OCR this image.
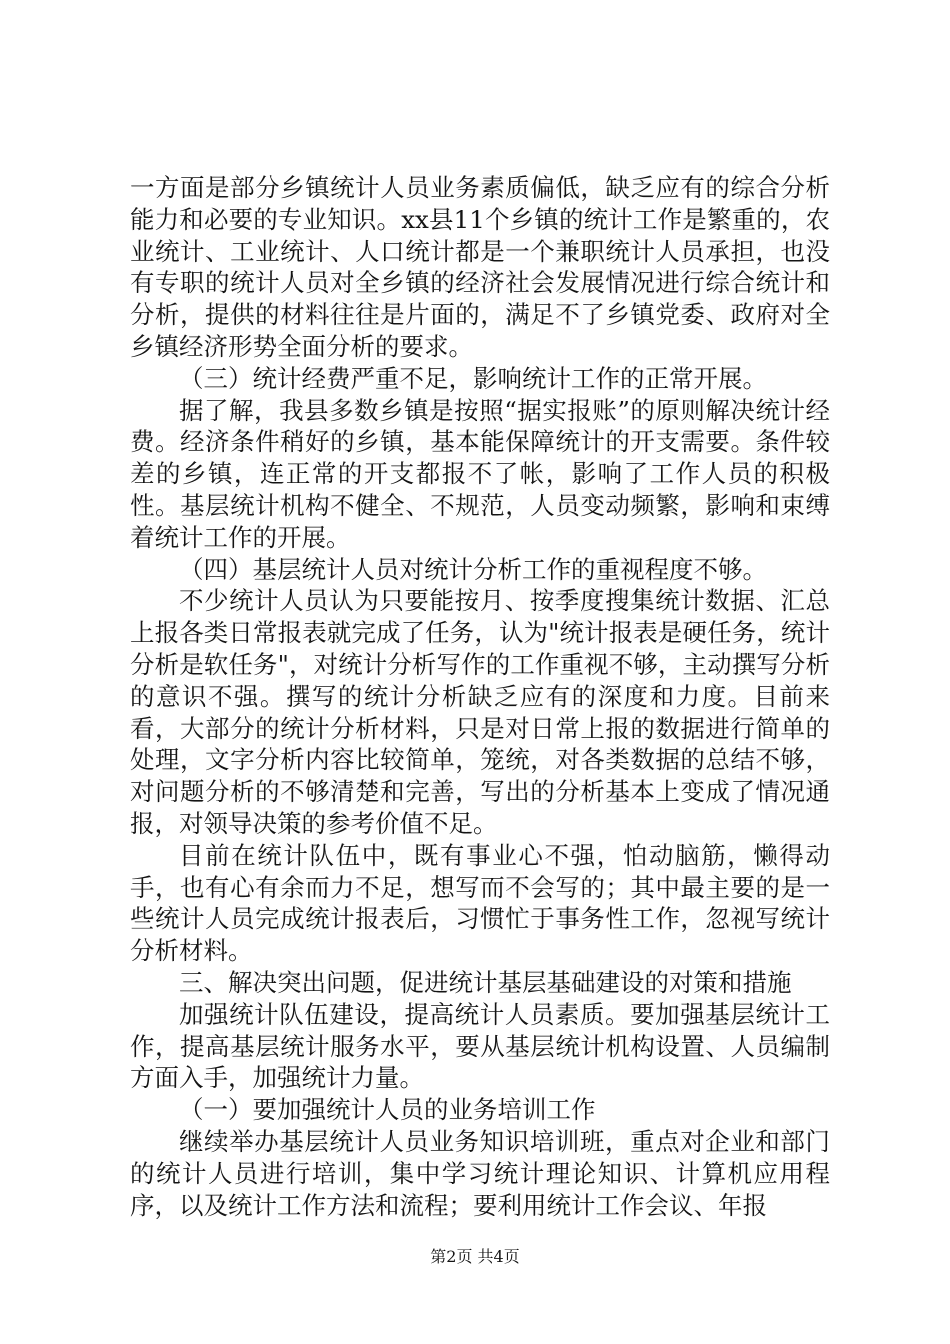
一方面是部分乡镇统计人员业务素质偏低，缺乏应有的综合分析能力和必要的专业知识。xx县11个乡镇的统计工作是繁重的，农业统计、工业统计、人口统计都是一个兼职统计人员承担，也没有专职的统计人员对全乡镇的经济社会发展情况进行综合统计和分析，提供的材料往往是片面的，满足不了乡镇党委、政府对全乡镇经济形势全面分析的要求。

（三）统计经费严重不足，影响统计工作的正常开展。

据了解，我县多数乡镇是按照“据实报账”的原则解决统计经费。经济条件稍好的乡镇，基本能保障统计的开支需要。条件较差的乡镇，连正常的开支都报不了帐，影响了工作人员的积极性。基层统计机构不健全、不规范，人员变动频繁，影响和束缚着统计工作的开展。

（四）基层统计人员对统计分析工作的重视程度不够。

不少统计人员认为只要能按月、按季度搜集统计数据、汇总上报各类日常报表就完成了任务，认为"统计报表是硬任务，统计分析是软任务"，对统计分析写作的工作重视不够，主动撰写分析的意识不强。撰写的统计分析缺乏应有的深度和力度。目前来看，大部分的统计分析材料，只是对日常上报的数据进行简单的处理，文字分析内容比较简单，笼统，对各类数据的总结不够，对问题分析的不够清楚和完善，写出的分析基本上变成了情况通报，对领导决策的参考价值不足。

目前在统计队伍中，既有事业心不强，怕动脑筋，懒得动手，也有心有余而力不足，想写而不会写的；其中最主要的是一些统计人员完成统计报表后，习惯忙于事务性工作，忽视写统计分析材料。

三、解决突出问题，促进统计基层基础建设的对策和措施

加强统计队伍建设，提高统计人员素质。要加强基层统计工作，提高基层统计服务水平，要从基层统计机构设置、人员编制方面入手，加强统计力量。

（一）要加强统计人员的业务培训工作

继续举办基层统计人员业务知识培训班，重点对企业和部门的统计人员进行培训，集中学习统计理论知识、计算机应用程序，以及统计工作方法和流程；要利用统计工作会议、年报

第2页 共4页
